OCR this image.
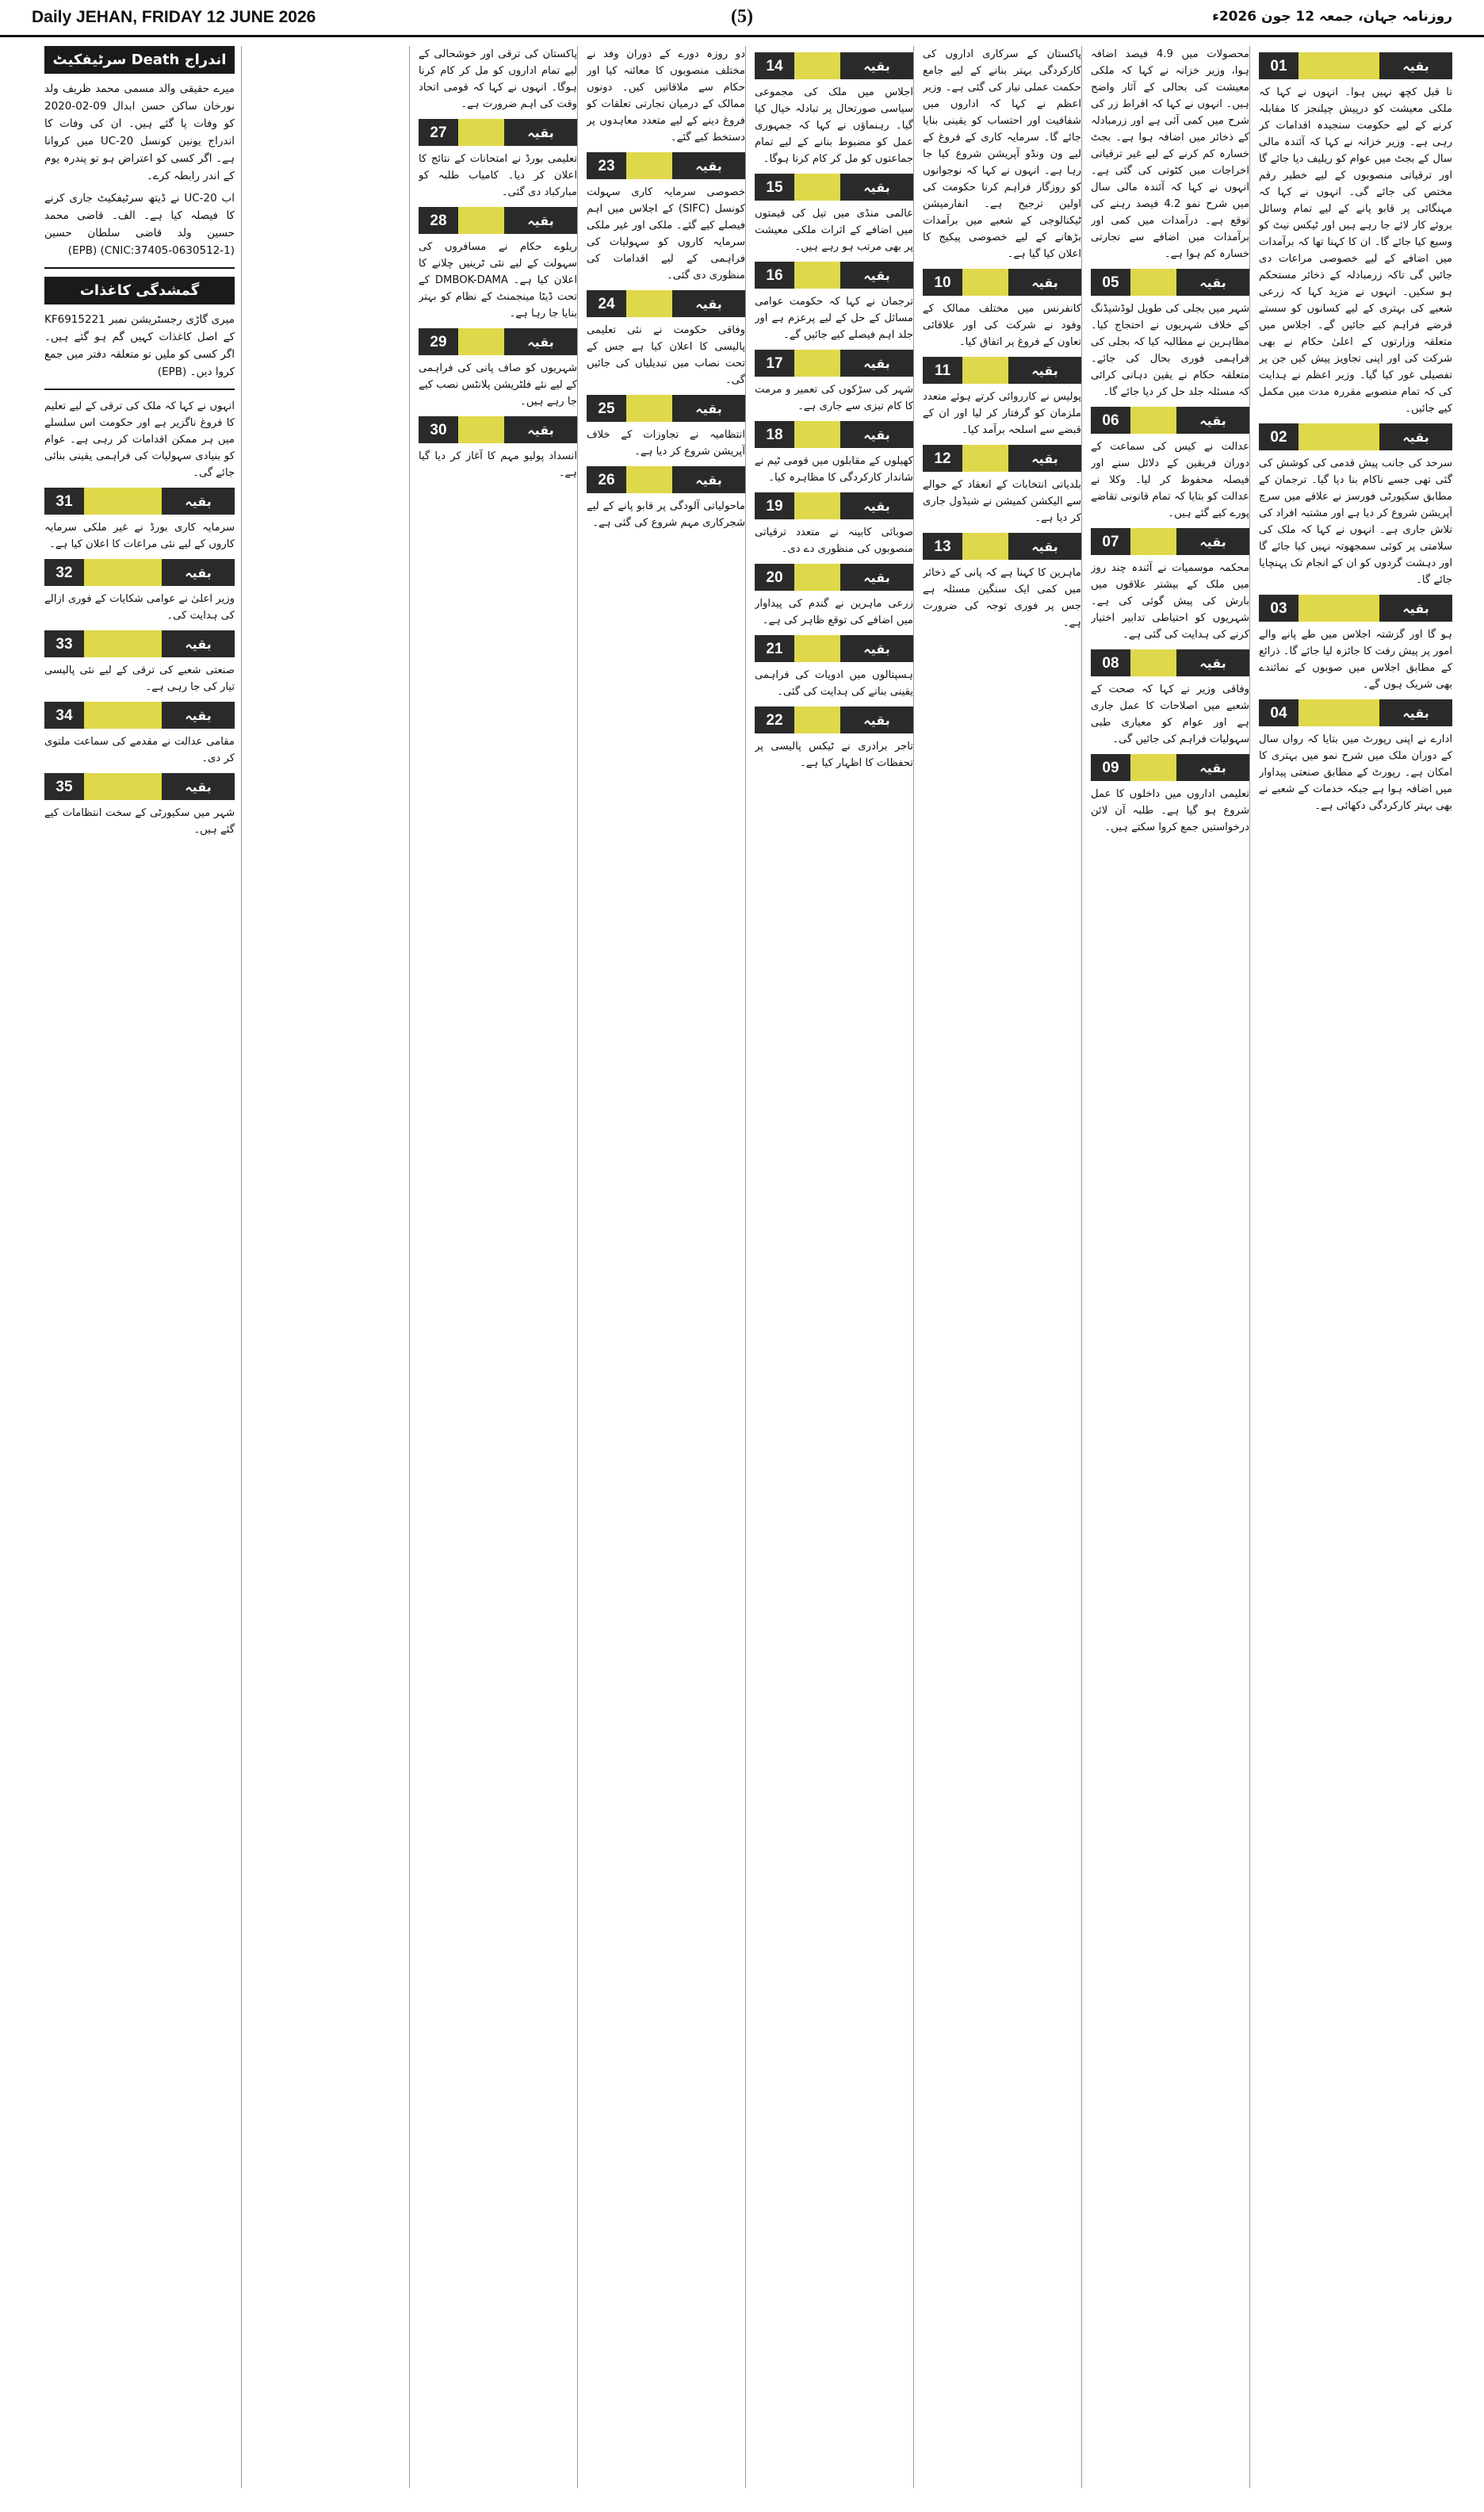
Daily JEHAN, FRIDAY 12 JUNE 2026	(5)	روزنامہ جہان، جمعہ 12 جون 2026ء
اندراج Death سرٹیفکیٹ

میرے حقیقی والد مسمی محمد ظریف ولد نورخان ساکن حسن ابدال 09-02-2020 کو وفات پا گئے ہیں۔ ان کی وفات کا اندراج یونین کونسل UC-20 میں کروانا ہے۔ اگر کسی کو اعتراض ہو تو پندرہ یوم کے اندر رابطہ کرے۔

اب UC-20 نے ڈیتھ سرٹیفکیٹ جاری کرنے کا فیصلہ کیا ہے۔ الف۔ قاضی محمد حسین ولد قاضی سلطان حسین (CNIC:37405-0630512-1) (EPB)

گمشدگی کاغذات

میری گاڑی رجسٹریشن نمبر KF6915221 کے اصل کاغذات کہیں گم ہو گئے ہیں۔ اگر کسی کو ملیں تو متعلقہ دفتر میں جمع کروا دیں۔ (EPB)

انہوں نے کہا کہ ملک کی ترقی کے لیے تعلیم کا فروغ ناگزیر ہے اور حکومت اس سلسلے میں ہر ممکن اقدامات کر رہی ہے۔ عوام کو بنیادی سہولیات کی فراہمی یقینی بنائی جائے گی۔

31	بقیہ

سرمایہ کاری بورڈ نے غیر ملکی سرمایہ کاروں کے لیے نئی مراعات کا اعلان کیا ہے۔

32	بقیہ

وزیر اعلیٰ نے عوامی شکایات کے فوری ازالے کی ہدایت کی۔

33	بقیہ

صنعتی شعبے کی ترقی کے لیے نئی پالیسی تیار کی جا رہی ہے۔

34	بقیہ

مقامی عدالت نے مقدمے کی سماعت ملتوی کر دی۔

35	بقیہ

شہر میں سکیورٹی کے سخت انتظامات کیے گئے ہیں۔

01	بقیہ

تا قبل کچھ نہیں ہوا۔ انہوں نے کہا کہ ملکی معیشت کو درپیش چیلنجز کا مقابلہ کرنے کے لیے حکومت سنجیدہ اقدامات کر رہی ہے۔ وزیر خزانہ نے کہا کہ آئندہ مالی سال کے بجٹ میں عوام کو ریلیف دیا جائے گا اور ترقیاتی منصوبوں کے لیے خطیر رقم مختص کی جائے گی۔ انہوں نے کہا کہ مہنگائی پر قابو پانے کے لیے تمام وسائل بروئے کار لائے جا رہے ہیں اور ٹیکس نیٹ کو وسیع کیا جائے گا۔ ان کا کہنا تھا کہ برآمدات میں اضافے کے لیے خصوصی مراعات دی جائیں گی تاکہ زرمبادلہ کے ذخائر مستحکم ہو سکیں۔ انہوں نے مزید کہا کہ زرعی شعبے کی بہتری کے لیے کسانوں کو سستے قرضے فراہم کیے جائیں گے۔ اجلاس میں متعلقہ وزارتوں کے اعلیٰ حکام نے بھی شرکت کی اور اپنی تجاویز پیش کیں جن پر تفصیلی غور کیا گیا۔ وزیر اعظم نے ہدایت کی کہ تمام منصوبے مقررہ مدت میں مکمل کیے جائیں۔

02	بقیہ

سرحد کی جانب پیش قدمی کی کوشش کی گئی تھی جسے ناکام بنا دیا گیا۔ ترجمان کے مطابق سکیورٹی فورسز نے علاقے میں سرچ آپریشن شروع کر دیا ہے اور مشتبہ افراد کی تلاش جاری ہے۔ انہوں نے کہا کہ ملک کی سلامتی پر کوئی سمجھوتہ نہیں کیا جائے گا اور دہشت گردوں کو ان کے انجام تک پہنچایا جائے گا۔

03	بقیہ

ہو گا اور گزشتہ اجلاس میں طے پانے والے امور پر پیش رفت کا جائزہ لیا جائے گا۔ ذرائع کے مطابق اجلاس میں صوبوں کے نمائندے بھی شریک ہوں گے۔

04	بقیہ

ادارے نے اپنی رپورٹ میں بتایا کہ رواں سال کے دوران ملک میں شرح نمو میں بہتری کا امکان ہے۔ رپورٹ کے مطابق صنعتی پیداوار میں اضافہ ہوا ہے جبکہ خدمات کے شعبے نے بھی بہتر کارکردگی دکھائی ہے۔

محصولات میں 4.9 فیصد اضافہ ہوا، وزیر خزانہ نے کہا کہ ملکی معیشت کی بحالی کے آثار واضح ہیں۔ انہوں نے کہا کہ افراط زر کی شرح میں کمی آئی ہے اور زرمبادلہ کے ذخائر میں اضافہ ہوا ہے۔ بجٹ خسارہ کم کرنے کے لیے غیر ترقیاتی اخراجات میں کٹوتی کی گئی ہے۔ انہوں نے کہا کہ آئندہ مالی سال میں شرح نمو 4.2 فیصد رہنے کی توقع ہے۔ درآمدات میں کمی اور برآمدات میں اضافے سے تجارتی خسارہ کم ہوا ہے۔

05	بقیہ

شہر میں بجلی کی طویل لوڈشیڈنگ کے خلاف شہریوں نے احتجاج کیا۔ مظاہرین نے مطالبہ کیا کہ بجلی کی فراہمی فوری بحال کی جائے۔ متعلقہ حکام نے یقین دہانی کرائی کہ مسئلہ جلد حل کر دیا جائے گا۔

06	بقیہ

عدالت نے کیس کی سماعت کے دوران فریقین کے دلائل سنے اور فیصلہ محفوظ کر لیا۔ وکلا نے عدالت کو بتایا کہ تمام قانونی تقاضے پورے کیے گئے ہیں۔

07	بقیہ

محکمہ موسمیات نے آئندہ چند روز میں ملک کے بیشتر علاقوں میں بارش کی پیش گوئی کی ہے۔ شہریوں کو احتیاطی تدابیر اختیار کرنے کی ہدایت کی گئی ہے۔

08	بقیہ

وفاقی وزیر نے کہا کہ صحت کے شعبے میں اصلاحات کا عمل جاری ہے اور عوام کو معیاری طبی سہولیات فراہم کی جائیں گی۔

09	بقیہ

تعلیمی اداروں میں داخلوں کا عمل شروع ہو گیا ہے۔ طلبہ آن لائن درخواستیں جمع کروا سکتے ہیں۔

پاکستان کے سرکاری اداروں کی کارکردگی بہتر بنانے کے لیے جامع حکمت عملی تیار کی گئی ہے۔ وزیر اعظم نے کہا کہ اداروں میں شفافیت اور احتساب کو یقینی بنایا جائے گا۔ سرمایہ کاری کے فروغ کے لیے ون ونڈو آپریشن شروع کیا جا رہا ہے۔ انہوں نے کہا کہ نوجوانوں کو روزگار فراہم کرنا حکومت کی اولین ترجیح ہے۔ انفارمیشن ٹیکنالوجی کے شعبے میں برآمدات بڑھانے کے لیے خصوصی پیکیج کا اعلان کیا گیا ہے۔

10	بقیہ

کانفرنس میں مختلف ممالک کے وفود نے شرکت کی اور علاقائی تعاون کے فروغ پر اتفاق کیا۔

11	بقیہ

پولیس نے کارروائی کرتے ہوئے متعدد ملزمان کو گرفتار کر لیا اور ان کے قبضے سے اسلحہ برآمد کیا۔

12	بقیہ

بلدیاتی انتخابات کے انعقاد کے حوالے سے الیکشن کمیشن نے شیڈول جاری کر دیا ہے۔

13	بقیہ

ماہرین کا کہنا ہے کہ پانی کے ذخائر میں کمی ایک سنگین مسئلہ ہے جس پر فوری توجہ کی ضرورت ہے۔

14	بقیہ

اجلاس میں ملک کی مجموعی سیاسی صورتحال پر تبادلہ خیال کیا گیا۔ رہنماؤں نے کہا کہ جمہوری عمل کو مضبوط بنانے کے لیے تمام جماعتوں کو مل کر کام کرنا ہوگا۔

15	بقیہ

عالمی منڈی میں تیل کی قیمتوں میں اضافے کے اثرات ملکی معیشت پر بھی مرتب ہو رہے ہیں۔

16	بقیہ

ترجمان نے کہا کہ حکومت عوامی مسائل کے حل کے لیے پرعزم ہے اور جلد اہم فیصلے کیے جائیں گے۔

17	بقیہ

شہر کی سڑکوں کی تعمیر و مرمت کا کام تیزی سے جاری ہے۔

18	بقیہ

کھیلوں کے مقابلوں میں قومی ٹیم نے شاندار کارکردگی کا مظاہرہ کیا۔

19	بقیہ

صوبائی کابینہ نے متعدد ترقیاتی منصوبوں کی منظوری دے دی۔

20	بقیہ

زرعی ماہرین نے گندم کی پیداوار میں اضافے کی توقع ظاہر کی ہے۔

21	بقیہ

ہسپتالوں میں ادویات کی فراہمی یقینی بنانے کی ہدایت کی گئی۔

22	بقیہ

تاجر برادری نے ٹیکس پالیسی پر تحفظات کا اظہار کیا ہے۔

دو روزہ دورے کے دوران وفد نے مختلف منصوبوں کا معائنہ کیا اور حکام سے ملاقاتیں کیں۔ دونوں ممالک کے درمیان تجارتی تعلقات کو فروغ دینے کے لیے متعدد معاہدوں پر دستخط کیے گئے۔

23	بقیہ

خصوصی سرمایہ کاری سہولت کونسل (SIFC) کے اجلاس میں اہم فیصلے کیے گئے۔ ملکی اور غیر ملکی سرمایہ کاروں کو سہولیات کی فراہمی کے لیے اقدامات کی منظوری دی گئی۔

24	بقیہ

وفاقی حکومت نے نئی تعلیمی پالیسی کا اعلان کیا ہے جس کے تحت نصاب میں تبدیلیاں کی جائیں گی۔

25	بقیہ

انتظامیہ نے تجاوزات کے خلاف آپریشن شروع کر دیا ہے۔

26	بقیہ

ماحولیاتی آلودگی پر قابو پانے کے لیے شجرکاری مہم شروع کی گئی ہے۔

پاکستان کی ترقی اور خوشحالی کے لیے تمام اداروں کو مل کر کام کرنا ہوگا۔ انہوں نے کہا کہ قومی اتحاد وقت کی اہم ضرورت ہے۔

27	بقیہ

تعلیمی بورڈ نے امتحانات کے نتائج کا اعلان کر دیا۔ کامیاب طلبہ کو مبارکباد دی گئی۔

28	بقیہ

ریلوے حکام نے مسافروں کی سہولت کے لیے نئی ٹرینیں چلانے کا اعلان کیا ہے۔ DMBOK-DAMA کے تحت ڈیٹا مینجمنٹ کے نظام کو بہتر بنایا جا رہا ہے۔

29	بقیہ

شہریوں کو صاف پانی کی فراہمی کے لیے نئے فلٹریشن پلانٹس نصب کیے جا رہے ہیں۔

30	بقیہ

انسداد پولیو مہم کا آغاز کر دیا گیا ہے۔
